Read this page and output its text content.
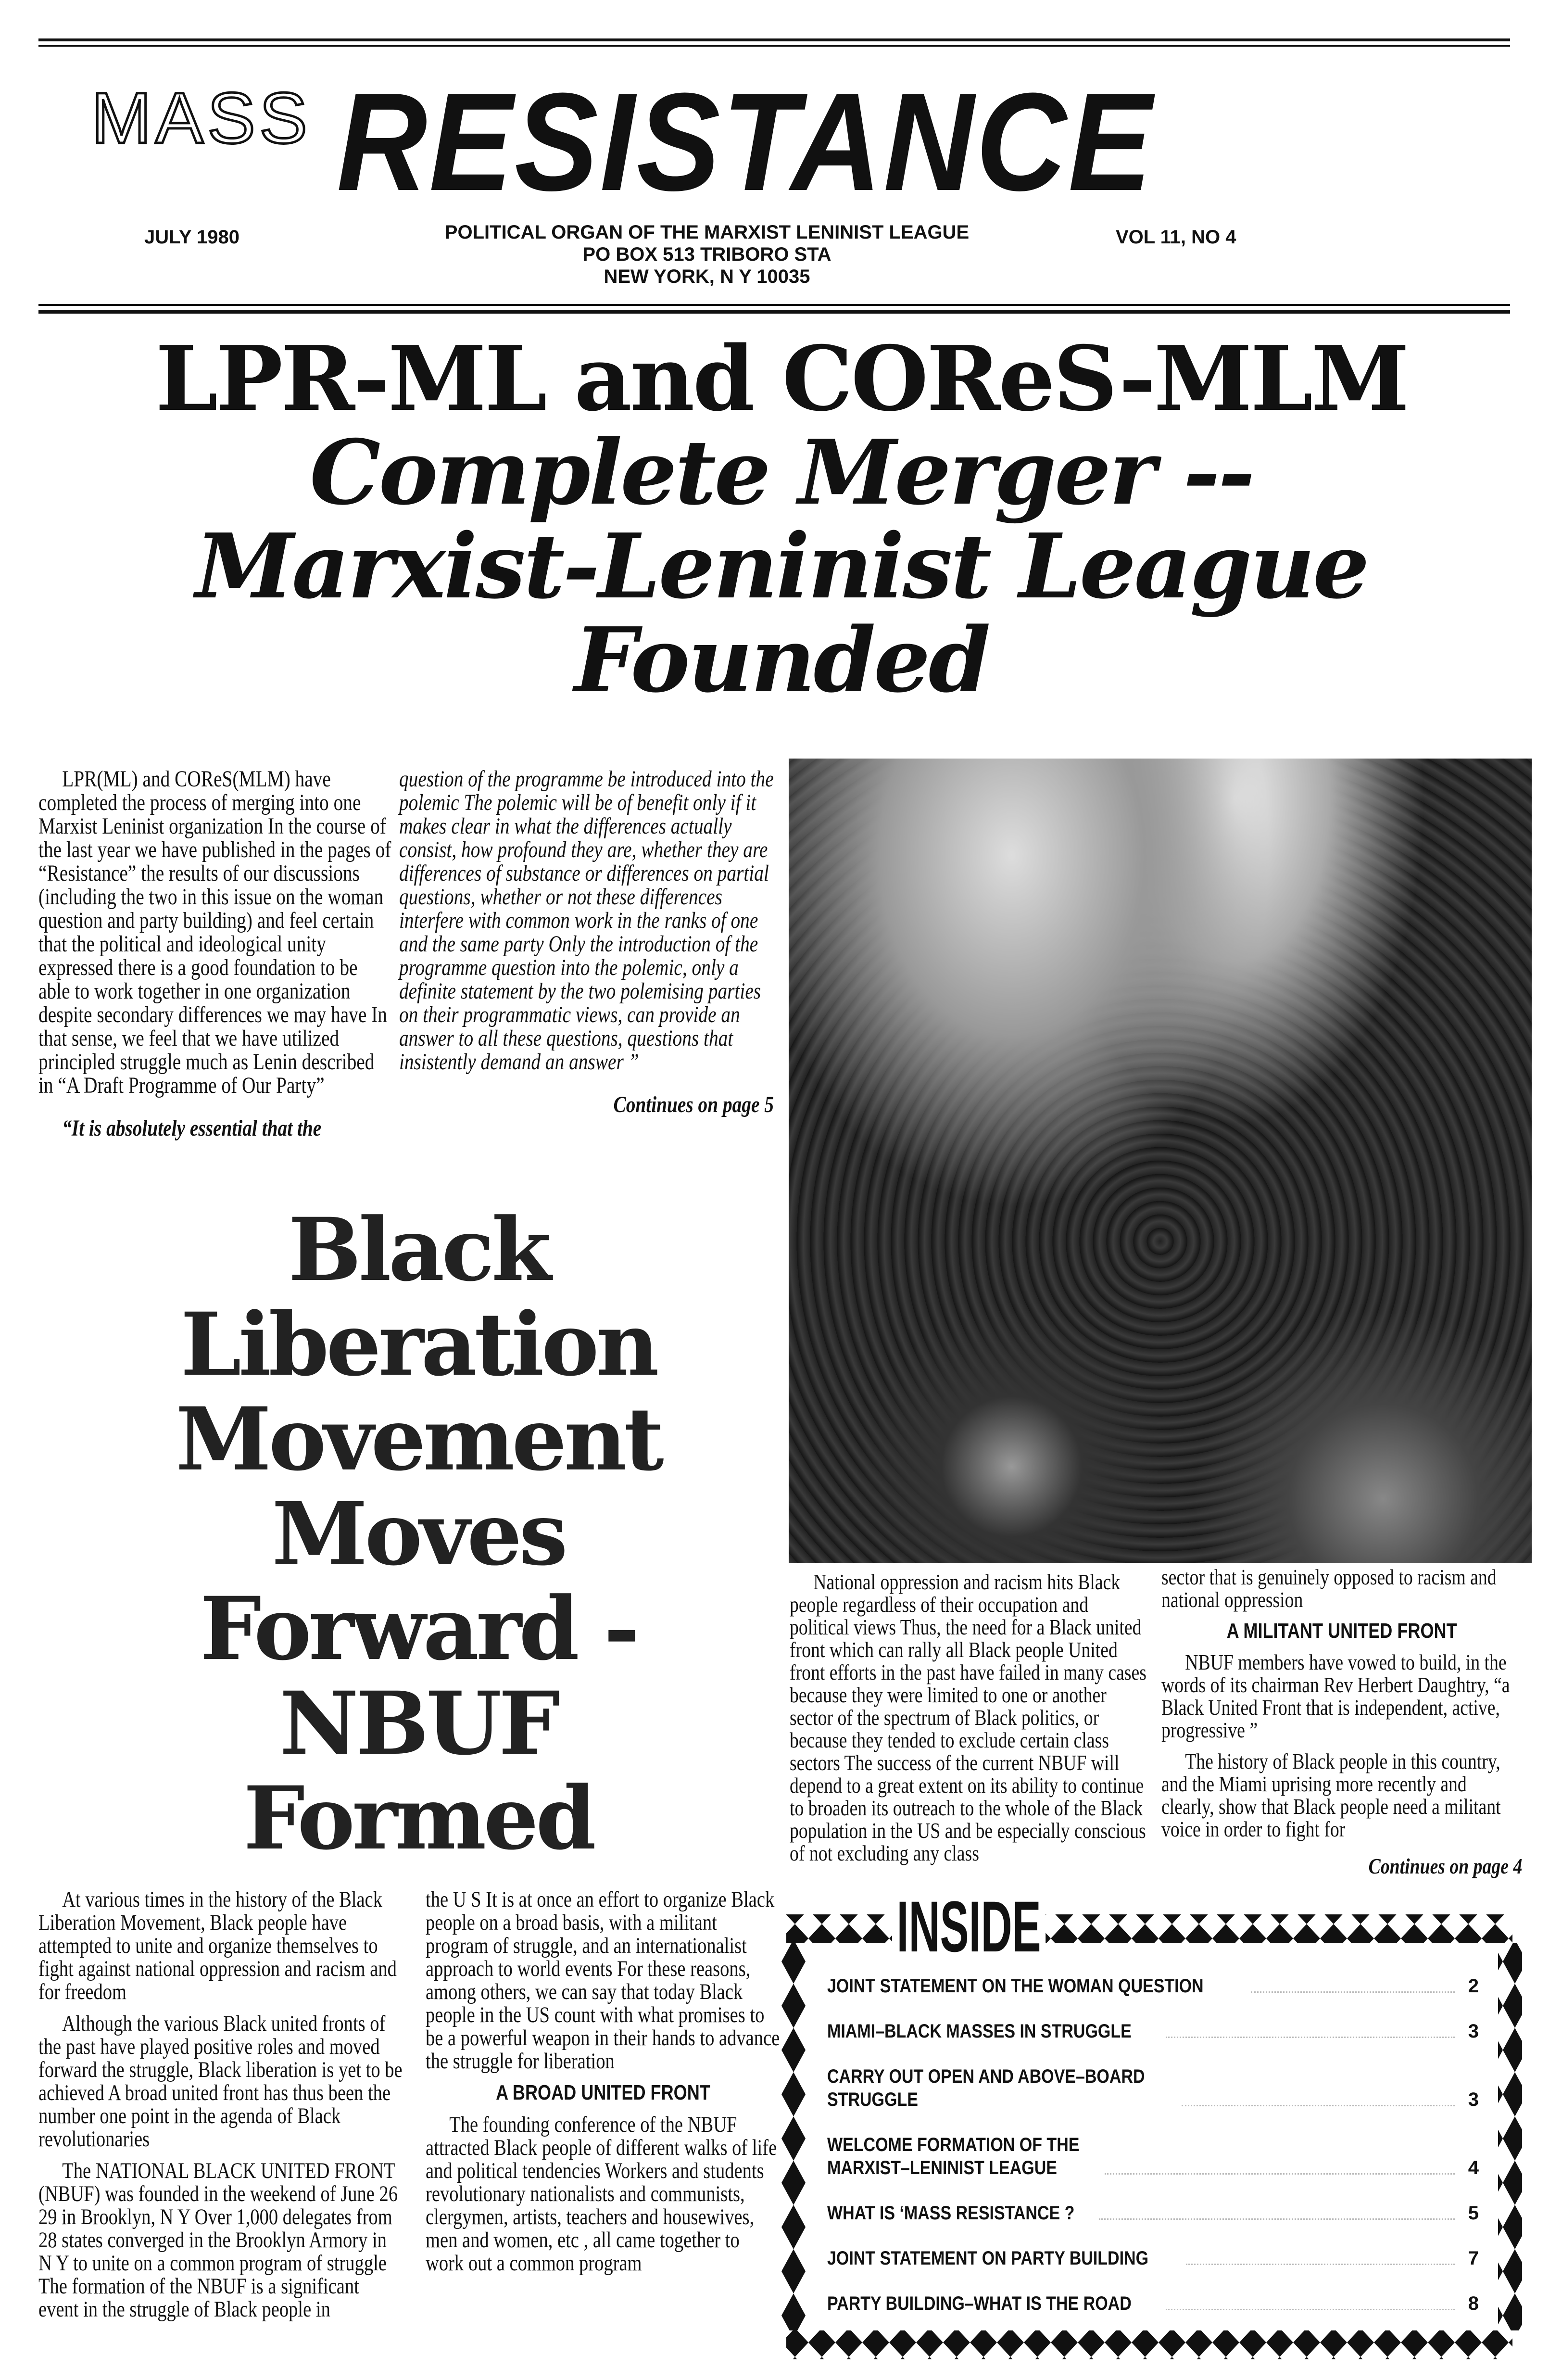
MASS RESISTANCE
JULY 1980	POLITICAL ORGAN OF THE MARXIST LENINIST LEAGUE
PO BOX 513 TRIBORO STA
NEW YORK, N Y 10035
VOL 11, NO 4
LPR-ML and COReS-MLM
Complete Merger --
Marxist-Leninist League
Founded

LPR(ML) and COReS(MLM) have completed the process of merging into one Marxist Leninist organization In the course of the last year we have published in the pages of “Resistance” the results of our discussions (including the two in this issue on the woman question and party building) and feel certain that the political and ideological unity expressed there is a good foundation to be able to work together in one organization despite secondary differences we may have In that sense, we feel that we have utilized principled struggle much as Lenin described in “A Draft Programme of Our Party”

“It is absolutely essential that the

question of the programme be introduced into the polemic The polemic will be of benefit only if it makes clear in what the differences actually consist, how profound they are, whether they are differences of substance or differences on partial questions, whether or not these differences interfere with common work in the ranks of one and the same party Only the introduction of the programme question into the polemic, only a definite statement by the two polemising parties on their programmatic views, can provide an answer to all these questions, questions that insistently demand an answer ”

Continues on page 5

Black
Liberation
Movement
Moves
Forward -
NBUF
Formed

National oppression and racism hits Black people regardless of their occupation and political views Thus, the need for a Black united front which can rally all Black people United front efforts in the past have failed in many cases because they were limited to one or another sector of the spectrum of Black politics, or because they tended to exclude certain class sectors The success of the current NBUF will depend to a great extent on its ability to continue to broaden its outreach to the whole of the Black population in the US and be especially conscious of not excluding any class

sector that is genuinely opposed to racism and national oppression

A MILITANT UNITED FRONT

NBUF members have vowed to build, in the words of its chairman Rev Herbert Daughtry, “a Black United Front that is independent, active, progressive ”

The history of Black people in this country, and the Miami uprising more recently and clearly, show that Black people need a militant voice in order to fight for

Continues on page 4

At various times in the history of the Black Liberation Movement, Black people have attempted to unite and organize themselves to fight against national oppression and racism and for freedom

Although the various Black united fronts of the past have played positive roles and moved forward the struggle, Black liberation is yet to be achieved A broad united front has thus been the number one point in the agenda of Black revolutionaries

The NATIONAL BLACK UNITED FRONT (NBUF) was founded in the weekend of June 26 29 in Brooklyn, N Y Over 1,000 delegates from 28 states converged in the Brooklyn Armory in N Y to unite on a common program of struggle The formation of the NBUF is a significant event in the struggle of Black people in

the U S It is at once an effort to organize Black people on a broad basis, with a militant program of struggle, and an internationalist approach to world events For these reasons, among others, we can say that today Black people in the US count with what promises to be a powerful weapon in their hands to advance the struggle for liberation

A BROAD UNITED FRONT

The founding conference of the NBUF attracted Black people of different walks of life and political tendencies Workers and students revolutionary nationalists and communists, clergymen, artists, teachers and housewives, men and women, etc , all came together to work out a common program

INSIDE
JOINT STATEMENT ON THE WOMAN QUESTION	2
MIAMI–BLACK MASSES IN STRUGGLE	3
CARRY OUT OPEN AND ABOVE–BOARD
STRUGGLE	3
WELCOME FORMATION OF THE
MARXIST–LENINIST LEAGUE	4
WHAT IS ‘MASS RESISTANCE ?	5
JOINT STATEMENT ON PARTY BUILDING	7
PARTY BUILDING–WHAT IS THE ROAD	8
